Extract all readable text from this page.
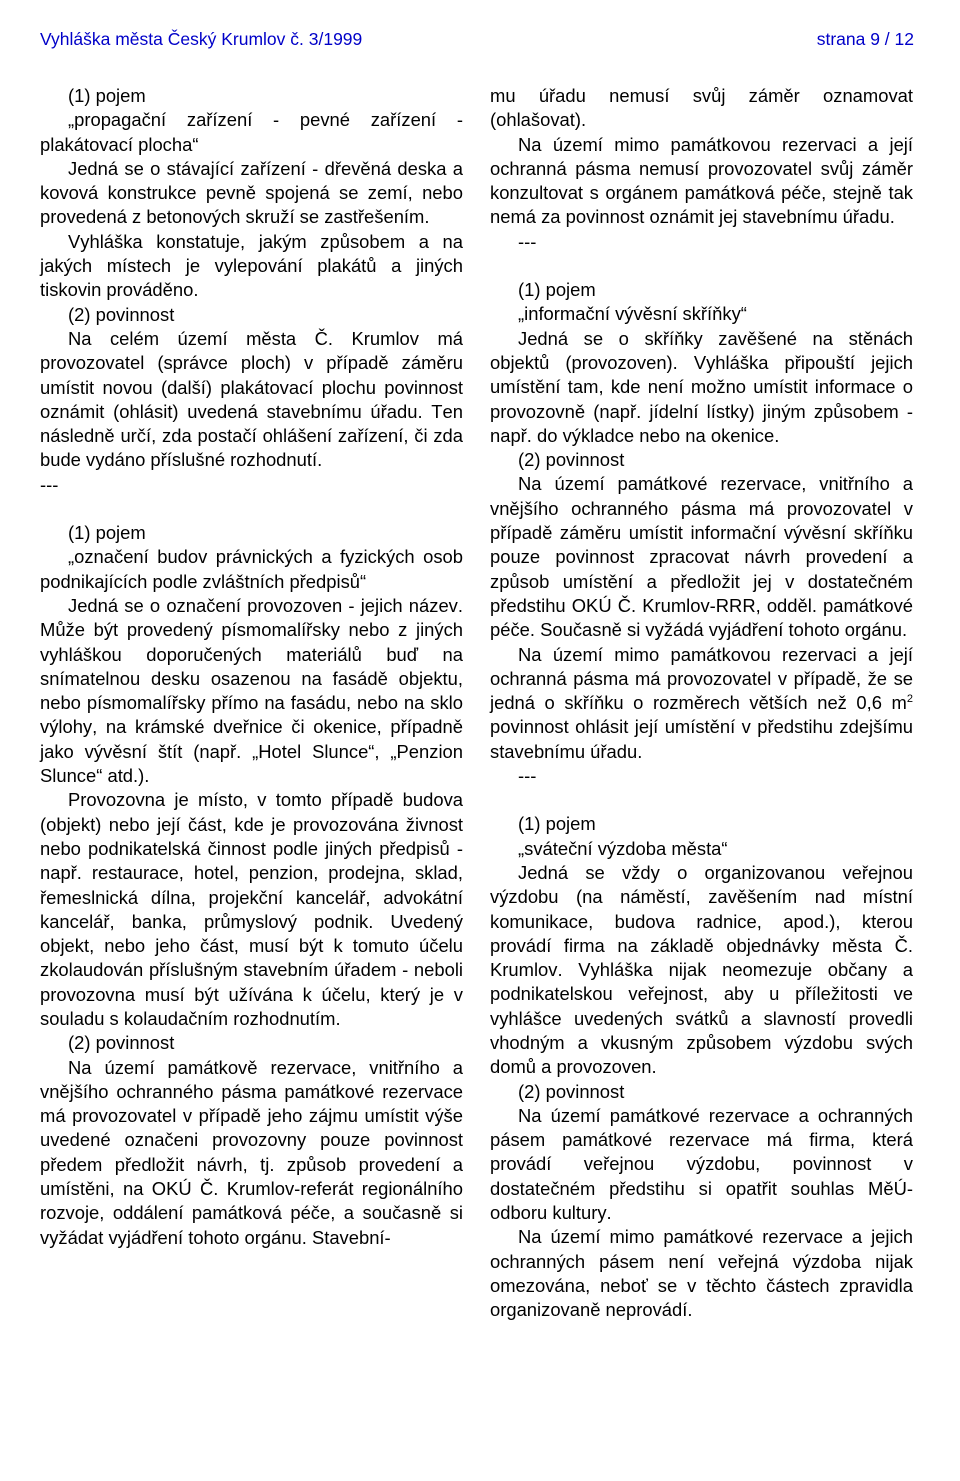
Vyhláška města Český Krumlov č. 3/1999	strana 9 / 12

(1) pojem

„propagační zařízení - pevné zařízení - plakátovací plocha“

Jedná se o stávající zařízení - dřevěná deska a kovová konstrukce pevně spojená se zemí, nebo provedená z betonových skruží se zastřešením.

Vyhláška konstatuje, jakým způsobem a na jakých místech je vylepování plakátů a jiných tiskovin prováděno.

(2) povinnost

Na celém území města Č. Krumlov má provozovatel (správce ploch) v případě záměru umístit novou (další) plakátovací plochu povinnost oznámit (ohlásit) uvedená stavebnímu úřadu. Ten následně určí, zda postačí ohlášení zařízení, či zda bude vydáno příslušné rozhodnutí.

---

(1) pojem

„označení budov právnických a fyzických osob podnikajících podle zvláštních předpisů“

Jedná se o označení provozoven - jejich název. Může být provedený písmomalířsky nebo z jiných vyhláškou doporučených materiálů buď na snímatelnou desku osazenou na fasádě objektu, nebo písmomalířsky přímo na fasádu, nebo na sklo výlohy, na krámské dveřnice či okenice, případně jako vývěsní štít (např. „Hotel Slunce“, „Penzion Slunce“ atd.).

Provozovna je místo, v tomto případě budova (objekt) nebo její část, kde je provozována živnost nebo podnikatelská činnost podle jiných předpisů - např. restaurace, hotel, penzion, prodejna, sklad, řemeslnická dílna, projekční kancelář, advokátní kancelář, banka, průmyslový podnik. Uvedený objekt, nebo jeho část, musí být k tomuto účelu zkolaudován příslušným stavebním úřadem - neboli provozovna musí být užívána k účelu, který je v souladu s kolaudačním rozhodnutím.

(2) povinnost

Na území památkově rezervace, vnitřního a vnějšího ochranného pásma památkové rezervace má provozovatel v případě jeho zájmu umístit výše uvedené označeni provozovny pouze povinnost předem předložit návrh, tj. způsob provedení a umístěni, na OKÚ Č. Krumlov-referát regionálního rozvoje, oddálení památková péče, a současně si vyžádat vyjádření tohoto orgánu. Stavební-

mu úřadu nemusí svůj záměr oznamovat (ohlašovat).

Na území mimo památkovou rezervaci a její ochranná pásma nemusí provozovatel svůj záměr konzultovat s orgánem památková péče, stejně tak nemá za povinnost oznámit jej stavebnímu úřadu.

---

(1) pojem

„informační vývěsní skříňky“

Jedná se o skříňky zavěšené na stěnách objektů (provozoven). Vyhláška připouští jejich umístění tam, kde není možno umístit informace o provozovně (např. jídelní lístky) jiným způsobem - např. do výkladce nebo na okenice.

(2) povinnost

Na území památkové rezervace, vnitřního a vnějšího ochranného pásma má provozovatel v případě záměru umístit informační vývěsní skříňku pouze povinnost zpracovat návrh provedení a způsob umístění a předložit jej v dostatečném předstihu OKÚ Č. Krumlov-RRR, odděl. památkové péče. Současně si vyžádá vyjádření tohoto orgánu.

Na území mimo památkovou rezervaci a její ochranná pásma má provozovatel v případě, že se jedná o skříňku o rozměrech větších než 0,6 $m^2$ povinnost ohlásit její umístění v předstihu zdejšímu stavebnímu úřadu.

---

(1) pojem

„sváteční výzdoba města“

Jedná se vždy o organizovanou veřejnou výzdobu (na náměstí, zavěšením nad místní komunikace, budova radnice, apod.), kterou provádí firma na základě objednávky města Č. Krumlov. Vyhláška nijak neomezuje občany a podnikatelskou veřejnost, aby u příležitosti ve vyhlášce uvedených svátků a slavností provedli vhodným a vkusným způsobem výzdobu svých domů a provozoven.

(2) povinnost

Na území památkové rezervace a ochranných pásem památkové rezervace má firma, která provádí veřejnou výzdobu, povinnost v dostatečném předstihu si opatřit souhlas MěÚ-odboru kultury.

Na území mimo památkové rezervace a jejich ochranných pásem není veřejná výzdoba nijak omezována, neboť se v těchto částech zpravidla organizovaně neprovádí.
